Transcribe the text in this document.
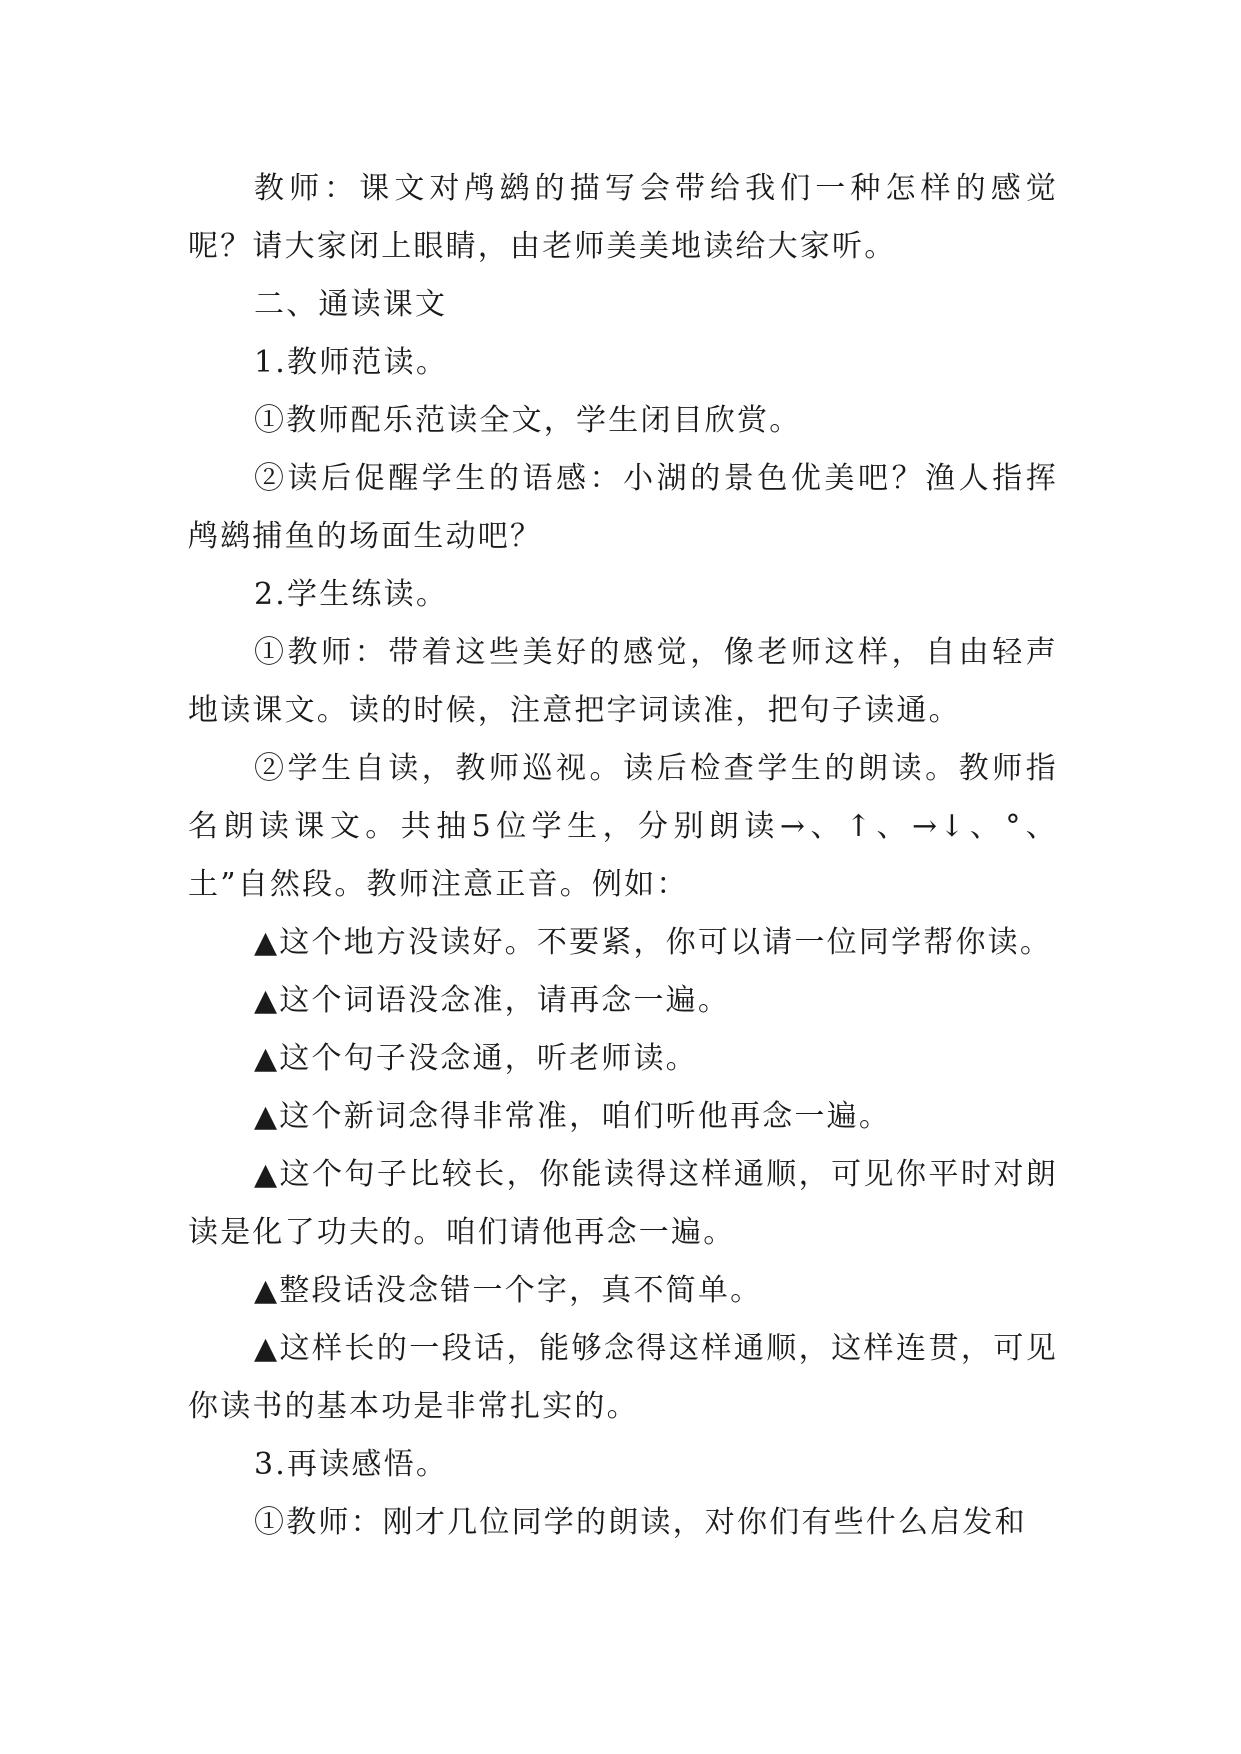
教师：课文对鸬鹚的描写会带给我们一种怎样的感觉呢？请大家闭上眼睛，由老师美美地读给大家听。

二、通读课文

1.教师范读。

①教师配乐范读全文，学生闭目欣赏。

②读后促醒学生的语感：小湖的景色优美吧？渔人指挥鸬鹚捕鱼的场面生动吧？

2.学生练读。

①教师：带着这些美好的感觉，像老师这样，自由轻声地读课文。读的时候，注意把字词读准，把句子读通。

②学生自读，教师巡视。读后检查学生的朗读。教师指名朗读课文。共抽5位学生，分别朗读→、↑、→↓、°、土”自然段。教师注意正音。例如：

▲这个地方没读好。不要紧，你可以请一位同学帮你读。

▲这个词语没念准，请再念一遍。

▲这个句子没念通，听老师读。

▲这个新词念得非常准，咱们听他再念一遍。

▲这个句子比较长，你能读得这样通顺，可见你平时对朗读是化了功夫的。咱们请他再念一遍。

▲整段话没念错一个字，真不简单。

▲这样长的一段话，能够念得这样通顺，这样连贯，可见你读书的基本功是非常扎实的。

3.再读感悟。

①教师：刚才几位同学的朗读，对你们有些什么启发和
